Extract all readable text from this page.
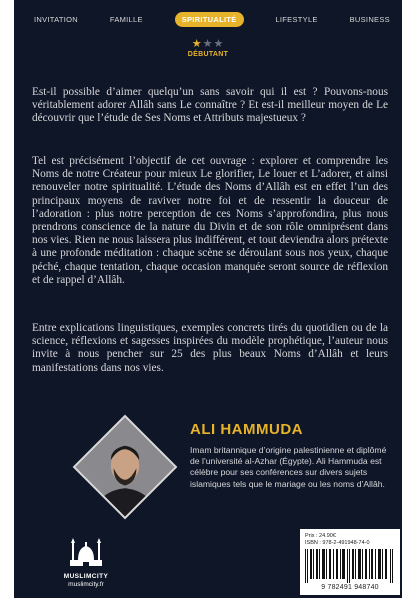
INVITATION	FAMILLE	SPIRITUALITÉ	LIFESTYLE	BUSINESS
★★★
DÉBUTANT

Est-il possible d’aimer quelqu’un sans savoir qui il est ? Pouvons-nous véritablement adorer Allâh sans Le connaître ? Et est-il meilleur moyen de Le découvrir que l’étude de Ses Noms et Attributs majestueux ?

Tel est précisément l’objectif de cet ouvrage : explorer et comprendre les Noms de notre Créateur pour mieux Le glorifier, Le louer et L’adorer, et ainsi renouveler notre spiritualité. L’étude des Noms d’Allâh est en effet l’un des principaux moyens de raviver notre foi et de ressentir la douceur de l’adoration : plus notre perception de ces Noms s’approfondira, plus nous prendrons conscience de la nature du Divin et de son rôle omniprésent dans nos vies. Rien ne nous laissera plus indifférent, et tout deviendra alors prétexte à une profonde méditation : chaque scène se déroulant sous nos yeux, chaque péché, chaque tentation, chaque occasion manquée seront source de réflexion et de rappel d’Allâh.

Entre explications linguistiques, exemples concrets tirés du quotidien ou de la science, réflexions et sagesses inspirées du modèle prophétique, l’auteur nous invite à nous pencher sur 25 des plus beaux Noms d’Allâh et leurs manifestations dans nos vies.

ALI HAMMUDA

Imam britannique d’origine palestinienne et diplômé de l’université al-Azhar (Égypte). Ali Hammuda est célèbre pour ses conférences sur divers sujets islamiques tels que le mariage ou les noms d’Allâh.

MUSLIMCITY
muslimcity.fr
Prix : 24.90€
ISBN : 978-2-491948-74-0
9 782491 948740
